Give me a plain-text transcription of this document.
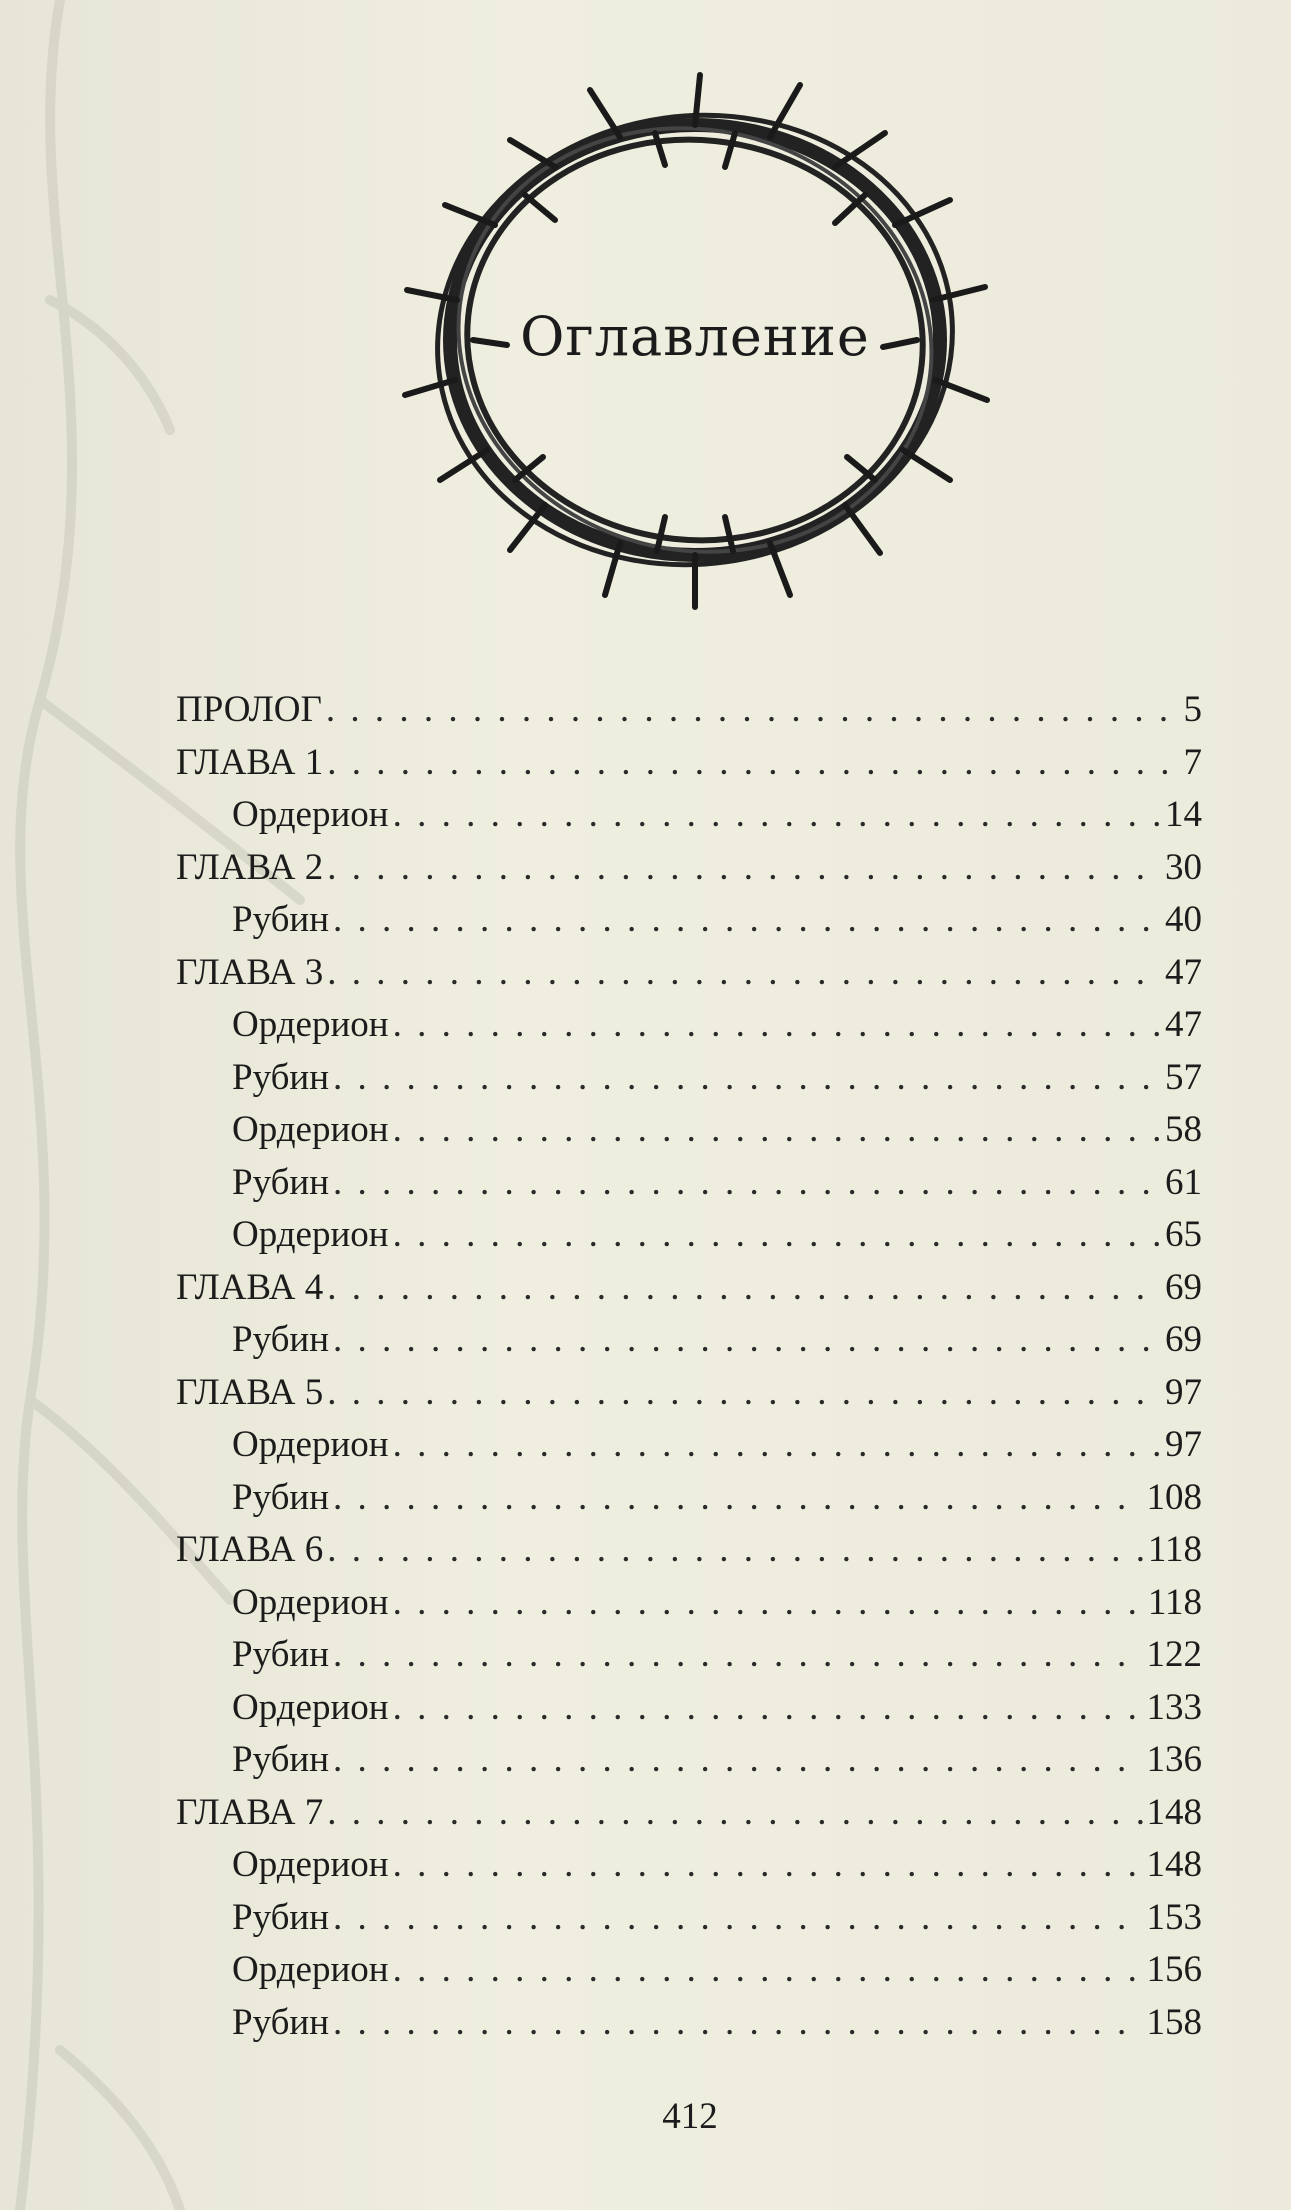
Оглавление
ПРОЛОГ . . .	5
ГЛАВА 1 . . .	7
Ордерион . . .	14
ГЛАВА 2 . . .	30
Рубин . . .	40
ГЛАВА 3 . . .	47
Ордерион . . .	47
Рубин . . .	57
Ордерион . . .	58
Рубин . . .	61
Ордерион . . .	65
ГЛАВА 4 . . .	69
Рубин . . .	69
ГЛАВА 5 . . .	97
Ордерион . . .	97
Рубин . . .	108
ГЛАВА 6 . . .	118
Ордерион . . .	118
Рубин . . .	122
Ордерион . . .	133
Рубин . . .	136
ГЛАВА 7 . . .	148
Ордерион . . .	148
Рубин . . .	153
Ордерион . . .	156
Рубин . . .	158
412
